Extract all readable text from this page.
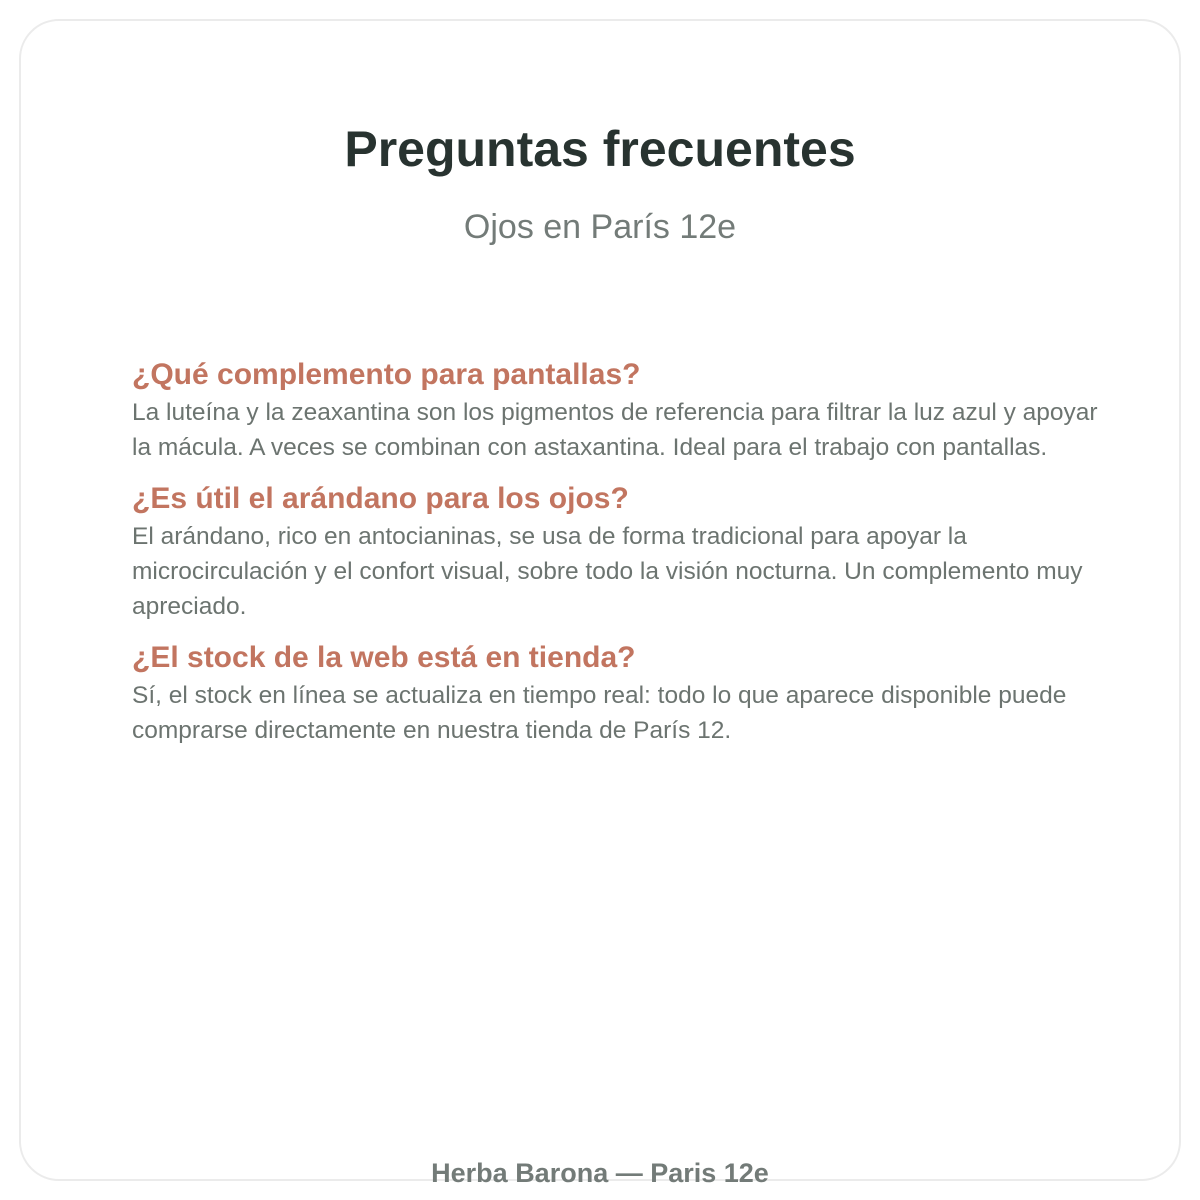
Preguntas frecuentes

Ojos en París 12e

¿Qué complemento para pantallas?

La luteína y la zeaxantina son los pigmentos de referencia para filtrar la luz azul y apoyar la mácula. A veces se combinan con astaxantina. Ideal para el trabajo con pantallas.

¿Es útil el arándano para los ojos?

El arándano, rico en antocianinas, se usa de forma tradicional para apoyar la microcirculación y el confort visual, sobre todo la visión nocturna. Un complemento muy apreciado.

¿El stock de la web está en tienda?

Sí, el stock en línea se actualiza en tiempo real: todo lo que aparece disponible puede comprarse directamente en nuestra tienda de París 12.

Herba Barona — Paris 12e
